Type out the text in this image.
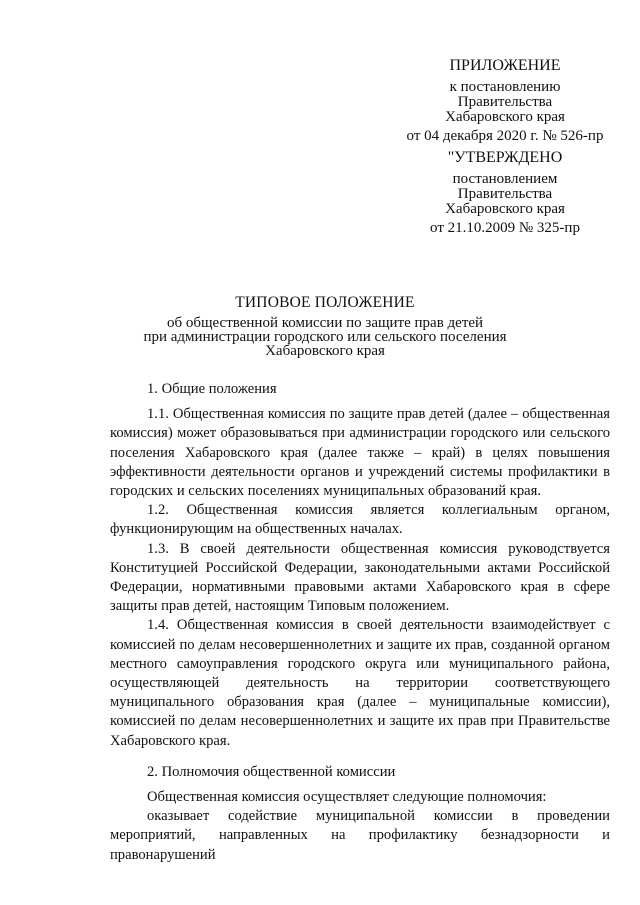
ПРИЛОЖЕНИЕ
к постановлению
Правительства
Хабаровского края
от 04 декабря 2020 г. № 526-пр
"УТВЕРЖДЕНО
постановлением
Правительства
Хабаровского края
от 21.10.2009 № 325-пр
ТИПОВОЕ ПОЛОЖЕНИЕ
об общественной комиссии по защите прав детей
при администрации городского или сельского поселения
Хабаровского края

1. Общие положения

1.1. Общественная комиссия по защите прав детей (далее – общественная комиссия) может образовываться при администрации городского или сельского поселения Хабаровского края (далее также – край) в целях повышения эффективности деятельности органов и учреждений системы профилактики в городских и сельских поселениях муниципальных образований края.

1.2. Общественная комиссия является коллегиальным органом, функционирующим на общественных началах.

1.3. В своей деятельности общественная комиссия руководствуется Конституцией Российской Федерации, законодательными актами Российской Федерации, нормативными правовыми актами Хабаровского края в сфере защиты прав детей, настоящим Типовым положением.

1.4. Общественная комиссия в своей деятельности взаимодействует с комиссией по делам несовершеннолетних и защите их прав, созданной органом местного самоуправления городского округа или муниципального района, осуществляющей деятельность на территории соответствующего муниципального образования края (далее – муниципальные комиссии), комиссией по делам несовершеннолетних и защите их прав при Правительстве Хабаровского края.

2. Полномочия общественной комиссии

Общественная комиссия осуществляет следующие полномочия:

оказывает содействие муниципальной комиссии в проведении мероприятий, направленных на профилактику безнадзорности и правонарушений
